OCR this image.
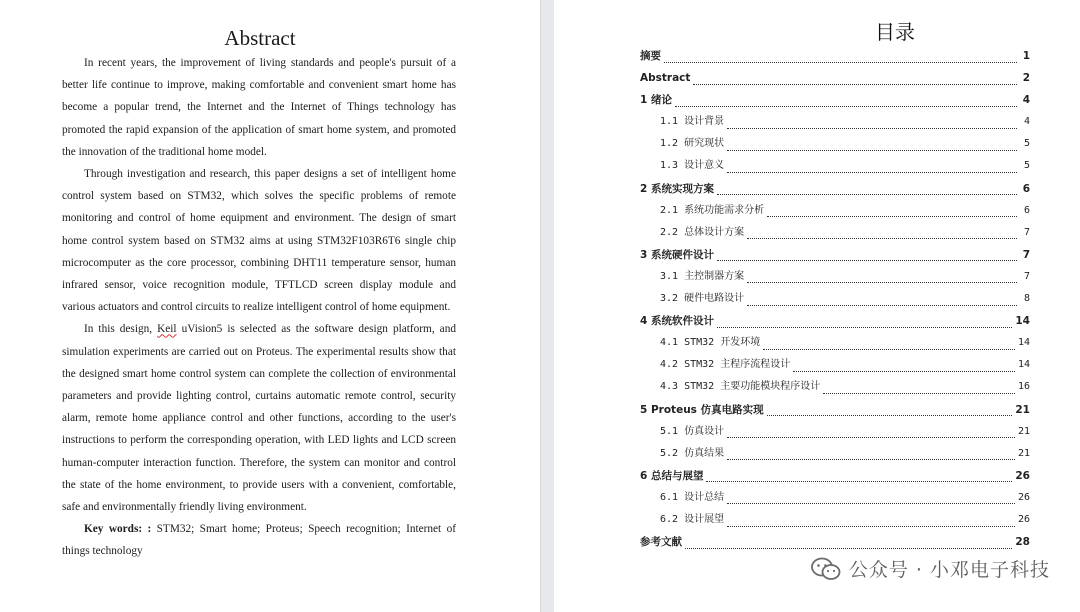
Abstract

In recent years, the improvement of living standards and people's pursuit of a better life continue to improve, making comfortable and convenient smart home has become a popular trend, the Internet and the Internet of Things technology has promoted the rapid expansion of the application of smart home system, and promoted the innovation of the traditional home model.

Through investigation and research, this paper designs a set of intelligent home control system based on STM32, which solves the specific problems of remote monitoring and control of home equipment and environment. The design of smart home control system based on STM32 aims at using STM32F103R6T6 single chip microcomputer as the core processor, combining DHT11 temperature sensor, human infrared sensor, voice recognition module, TFTLCD screen display module and various actuators and control circuits to realize intelligent control of home equipment.

In this design, Keil uVision5 is selected as the software design platform, and simulation experiments are carried out on Proteus. The experimental results show that the designed smart home control system can complete the collection of environmental parameters and provide lighting control, curtains automatic remote control, security alarm, remote home appliance control and other functions, according to the user's instructions to perform the corresponding operation, with LED lights and LCD screen human-computer interaction function. Therefore, the system can monitor and control the state of the home environment, to provide users with a convenient, comfortable, safe and environmentally friendly living environment.

Key words: : STM32; Smart home; Proteus; Speech recognition; Internet of things technology

目录
摘要	1
Abstract	2
1 绪论	4
1.1 设计背景	4
1.2 研究现状	5
1.3 设计意义	5
2 系统实现方案	6
2.1 系统功能需求分析	6
2.2 总体设计方案	7
3 系统硬件设计	7
3.1 主控制器方案	7
3.2 硬件电路设计	8
4 系统软件设计	14
4.1 STM32 开发环境	14
4.2 STM32 主程序流程设计	14
4.3 STM32 主要功能模块程序设计	16
5 Proteus 仿真电路实现	21
5.1 仿真设计	21
5.2 仿真结果	21
6 总结与展望	26
6.1 设计总结	26
6.2 设计展望	26
参考文献	28
公众号 · 小邓电子科技
